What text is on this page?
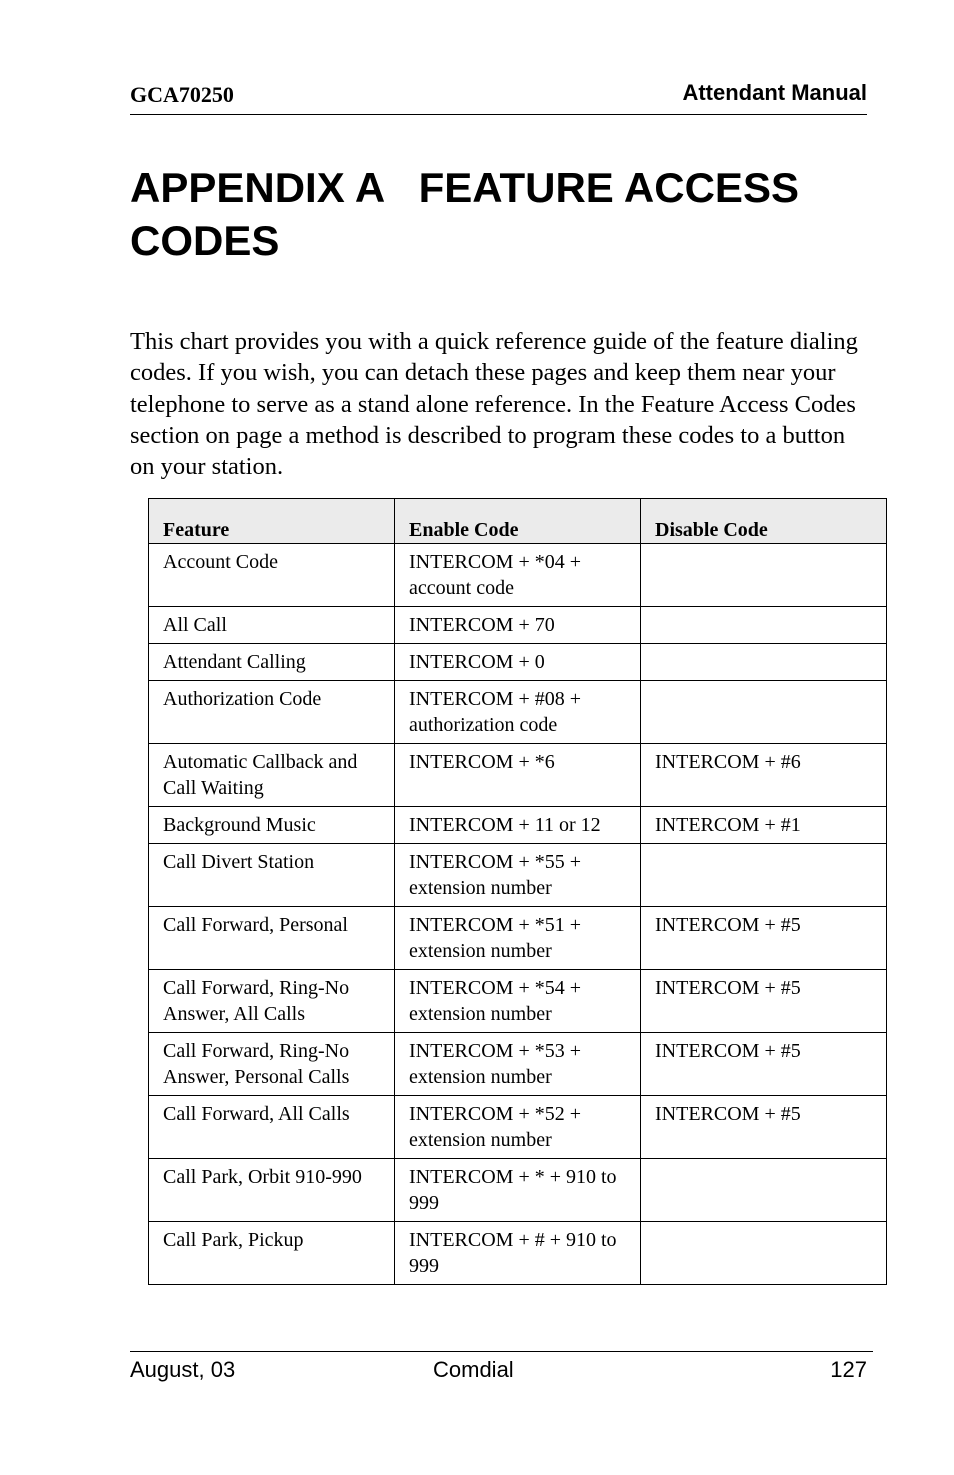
GCA70250	Attendant Manual
APPENDIX A   FEATURE ACCESS CODES

This chart provides you with a quick reference guide of the feature dialing codes. If you wish, you can detach these pages and keep them near your telephone to serve as a stand alone reference. In the Feature Access Codes section on page a method is described to program these codes to a button on your station.

Feature	Enable Code	Disable Code
Account Code	INTERCOM + *04 + account code	
All Call	INTERCOM + 70	
Attendant Calling	INTERCOM + 0	
Authorization Code	INTERCOM + #08 + authorization code	
Automatic Callback and Call Waiting	INTERCOM + *6	INTERCOM + #6
Background Music	INTERCOM + 11 or 12	INTERCOM + #1
Call Divert Station	INTERCOM + *55 + extension number	
Call Forward, Personal	INTERCOM + *51 + extension number	INTERCOM + #5
Call Forward, Ring-No Answer, All Calls	INTERCOM + *54 + extension number	INTERCOM + #5
Call Forward, Ring-No Answer, Personal Calls	INTERCOM + *53 + extension number	INTERCOM + #5
Call Forward, All Calls	INTERCOM + *52 + extension number	INTERCOM + #5
Call Park, Orbit 910-990	INTERCOM + * + 910 to 999	
Call Park, Pickup	INTERCOM + # + 910 to 999	
August, 03	Comdial	127
